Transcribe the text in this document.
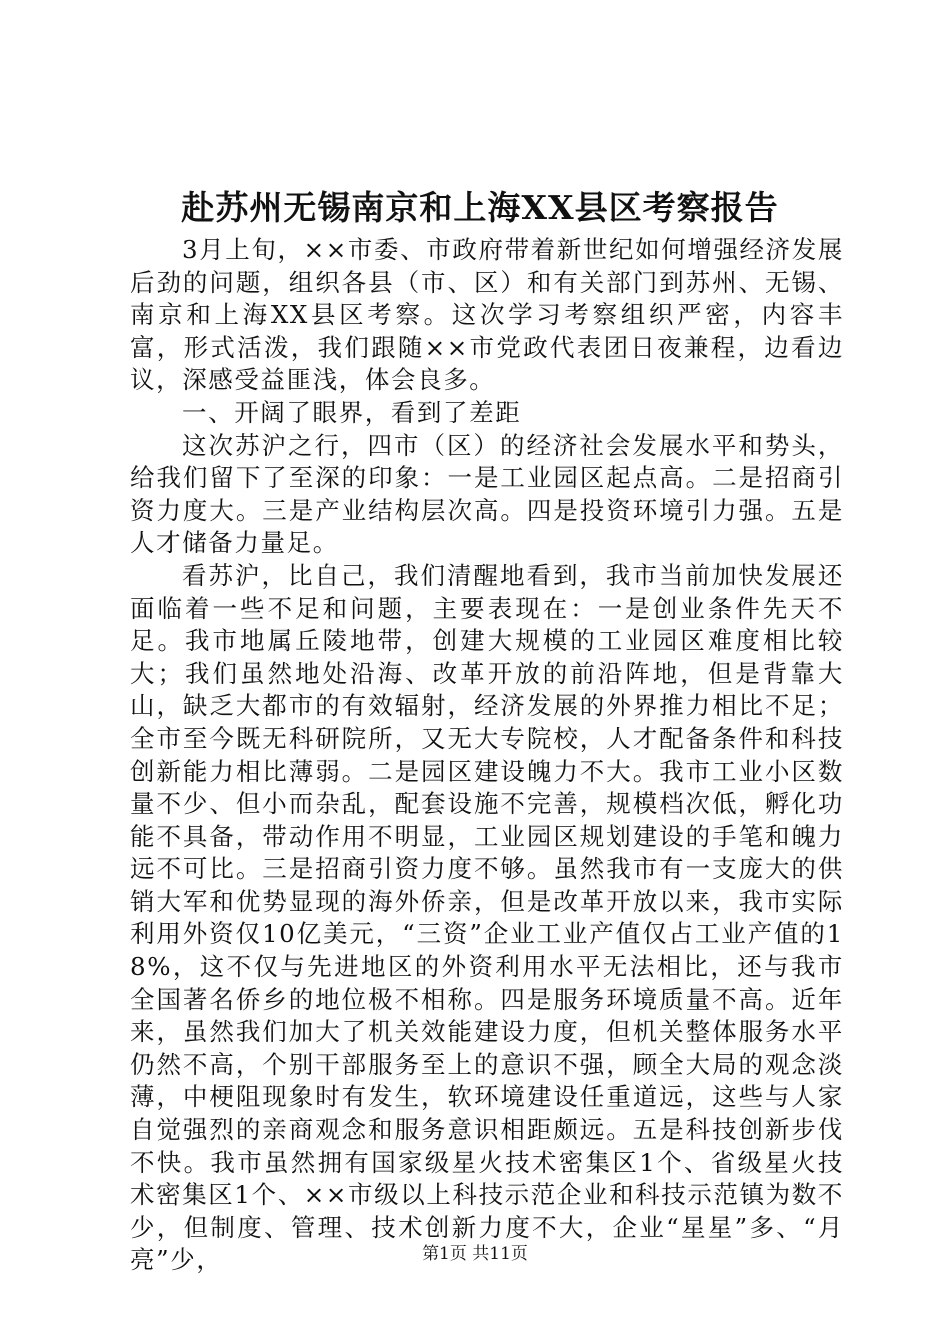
赴苏州无锡南京和上海XX县区考察报告

3月上旬，××市委、市政府带着新世纪如何增强经济发展后劲的问题，组织各县（市、区）和有关部门到苏州、无锡、南京和上海XX县区考察。这次学习考察组织严密，内容丰富，形式活泼，我们跟随××市党政代表团日夜兼程，边看边议，深感受益匪浅，体会良多。

一、开阔了眼界，看到了差距

这次苏沪之行，四市（区）的经济社会发展水平和势头，给我们留下了至深的印象：一是工业园区起点高。二是招商引资力度大。三是产业结构层次高。四是投资环境引力强。五是人才储备力量足。

看苏沪，比自己，我们清醒地看到，我市当前加快发展还面临着一些不足和问题，主要表现在：一是创业条件先天不足。我市地属丘陵地带，创建大规模的工业园区难度相比较大；我们虽然地处沿海、改革开放的前沿阵地，但是背靠大山，缺乏大都市的有效辐射，经济发展的外界推力相比不足；全市至今既无科研院所，又无大专院校，人才配备条件和科技创新能力相比薄弱。二是园区建设魄力不大。我市工业小区数量不少、但小而杂乱，配套设施不完善，规模档次低，孵化功能不具备，带动作用不明显，工业园区规划建设的手笔和魄力远不可比。三是招商引资力度不够。虽然我市有一支庞大的供销大军和优势显现的海外侨亲，但是改革开放以来，我市实际利用外资仅10亿美元，“三资”企业工业产值仅占工业产值的18%，这不仅与先进地区的外资利用水平无法相比，还与我市全国著名侨乡的地位极不相称。四是服务环境质量不高。近年来，虽然我们加大了机关效能建设力度，但机关整体服务水平仍然不高，个别干部服务至上的意识不强，顾全大局的观念淡薄，中梗阻现象时有发生，软环境建设任重道远，这些与人家自觉强烈的亲商观念和服务意识相距颇远。五是科技创新步伐不快。我市虽然拥有国家级星火技术密集区1个、省级星火技术密集区1个、××市级以上科技示范企业和科技示范镇为数不少，但制度、管理、技术创新力度不大，企业“星星”多、“月亮”少，	第1页 共11页
